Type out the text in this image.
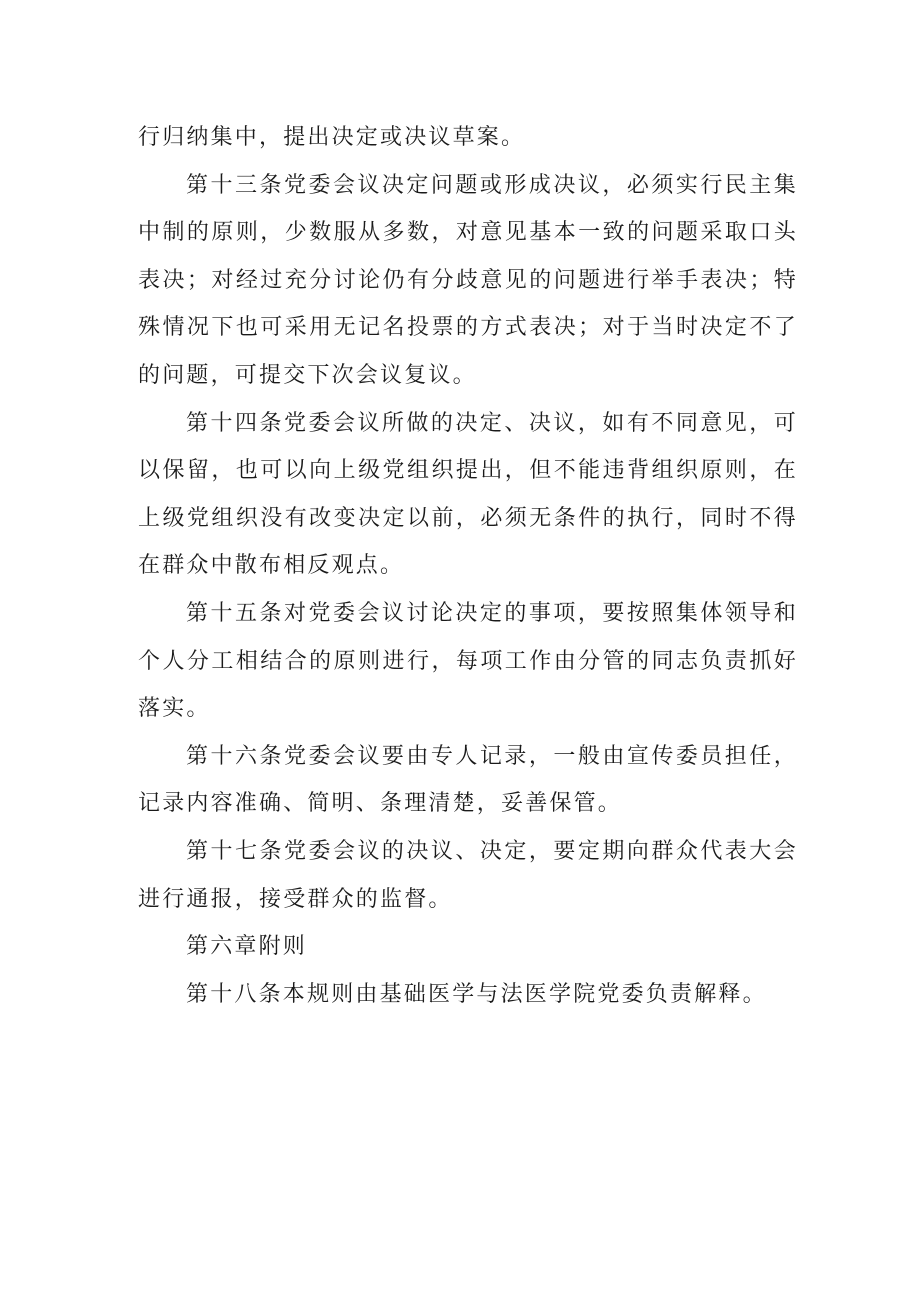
行归纳集中，提出决定或决议草案。

第十三条党委会议决定问题或形成决议，必须实行民主集中制的原则，少数服从多数，对意见基本一致的问题采取口头表决；对经过充分讨论仍有分歧意见的问题进行举手表决；特殊情况下也可采用无记名投票的方式表决；对于当时决定不了的问题，可提交下次会议复议。

第十四条党委会议所做的决定、决议，如有不同意见，可以保留，也可以向上级党组织提出，但不能违背组织原则，在上级党组织没有改变决定以前，必须无条件的执行，同时不得在群众中散布相反观点。

第十五条对党委会议讨论决定的事项，要按照集体领导和个人分工相结合的原则进行，每项工作由分管的同志负责抓好落实。

第十六条党委会议要由专人记录，一般由宣传委员担任，记录内容准确、简明、条理清楚，妥善保管。

第十七条党委会议的决议、决定，要定期向群众代表大会进行通报，接受群众的监督。

第六章附则

第十八条本规则由基础医学与法医学院党委负责解释。
